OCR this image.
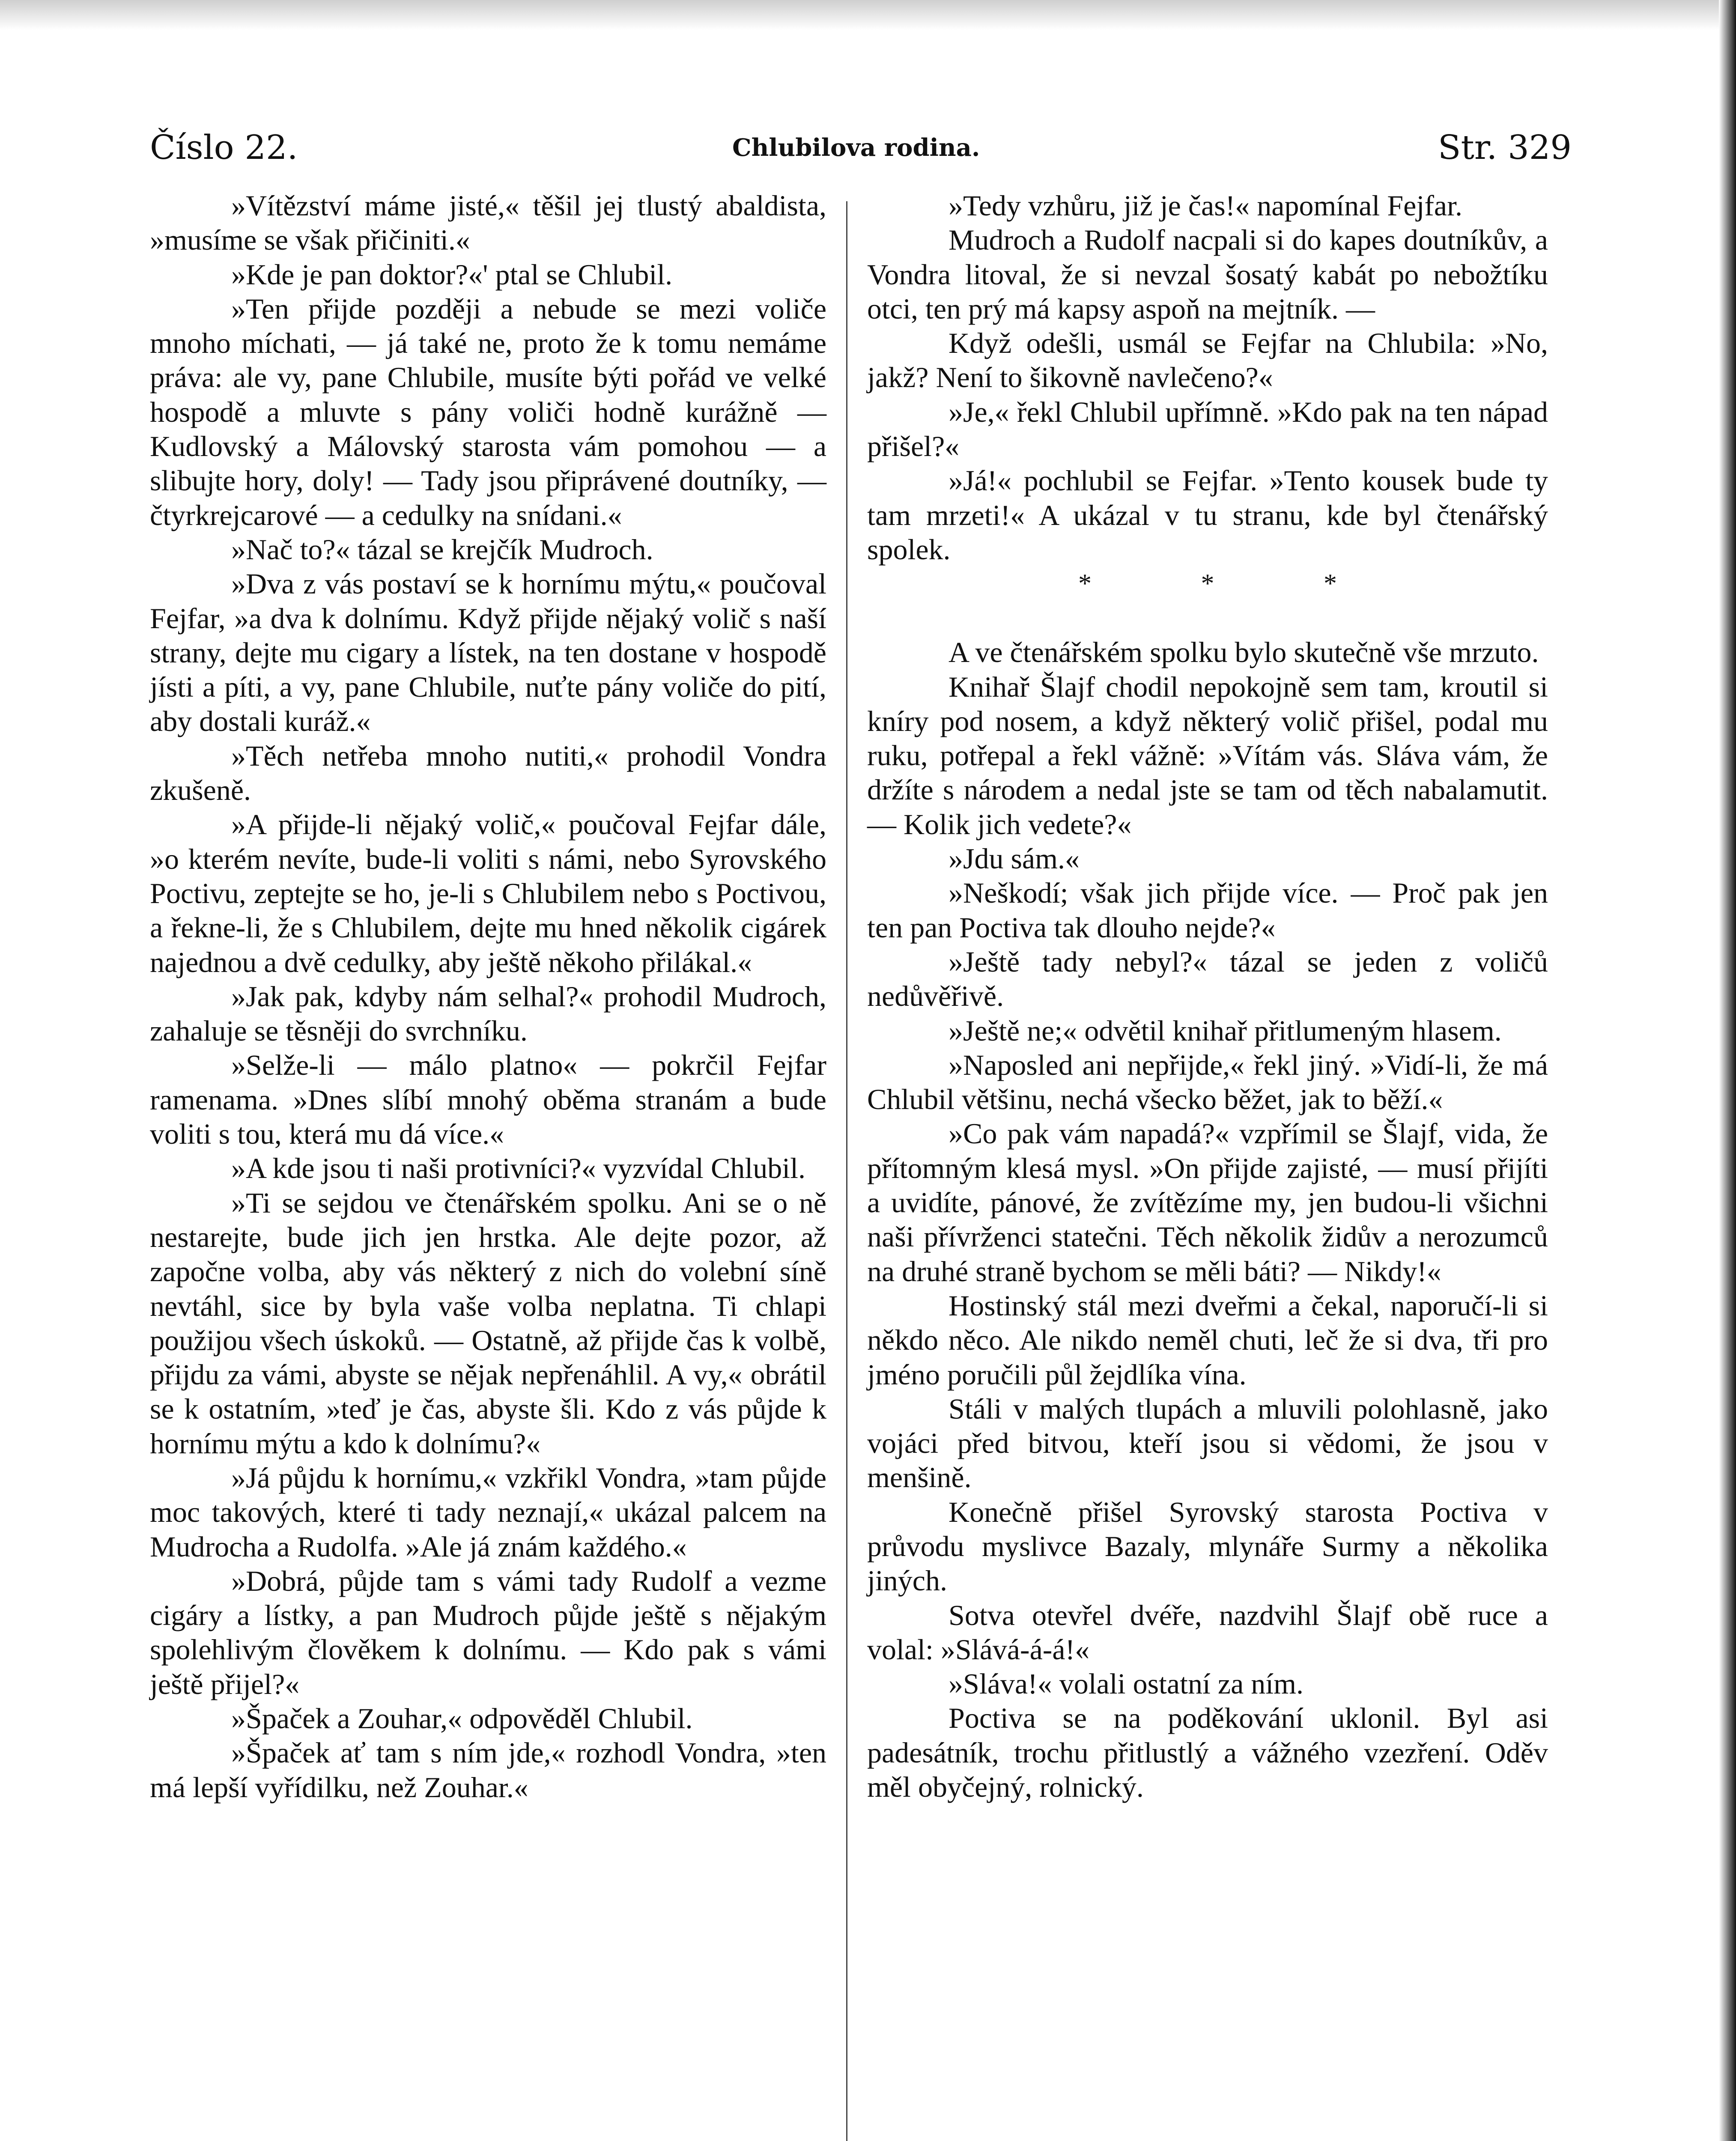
Číslo 22.	Chlubilova rodina.	Str. 329

»Vítězství máme jisté,« těšil jej tlustý abaldista, »musíme se však přičiniti.«

»Kde je pan doktor?«' ptal se Chlubil.

»Ten přijde později a nebude se mezi voliče mnoho míchati, — já také ne, proto že k tomu nemáme práva: ale vy, pane Chlubile, musíte býti pořád ve velké hospodě a mluvte s pány voliči hodně kurážně — Kudlovský a Málovský starosta vám pomohou — a slibujte hory, doly! — Tady jsou připrávené doutníky, — čtyrkrejcarové — a cedulky na snídani.«

»Nač to?« tázal se krejčík Mudroch.

»Dva z vás postaví se k hornímu mýtu,« poučoval Fejfar, »a dva k dolnímu. Když přijde nějaký volič s naší strany, dejte mu cigary a lístek, na ten dostane v hospodě jísti a píti, a vy, pane Chlubile, nuťte pány voliče do pití, aby dostali kuráž.«

»Těch netřeba mnoho nutiti,« prohodil Vondra zkušeně.

»A přijde-li nějaký volič,« poučoval Fejfar dále, »o kterém nevíte, bude-li voliti s námi, nebo Syrovského Poctivu, zeptejte se ho, je-li s Chlubilem nebo s Poctivou, a řekne-li, že s Chlubilem, dejte mu hned několik cigárek najednou a dvě cedulky, aby ještě někoho přilákal.«

»Jak pak, kdyby nám selhal?« prohodil Mudroch, zahaluje se těsněji do svrchníku.

»Selže-li — málo platno« — pokrčil Fejfar ramenama. »Dnes slíbí mnohý oběma stranám a bude voliti s tou, která mu dá více.«

»A kde jsou ti naši protivníci?« vyzvídal Chlubil.

»Ti se sejdou ve čtenářském spolku. Ani se o ně nestarejte, bude jich jen hrstka. Ale dejte pozor, až započne volba, aby vás některý z nich do volební síně nevtáhl, sice by byla vaše volba neplatna. Ti chlapi použijou všech úskoků. — Ostatně, až přijde čas k volbě, přijdu za vámi, abyste se nějak nepřenáhlil. A vy,« obrátil se k ostatním, »teď je čas, abyste šli. Kdo z vás půjde k hornímu mýtu a kdo k dolnímu?«

»Já půjdu k hornímu,« vzkřikl Vondra, »tam půjde moc takových, které ti tady neznají,« ukázal palcem na Mudrocha a Rudolfa. »Ale já znám každého.«

»Dobrá, půjde tam s vámi tady Rudolf a vezme cigáry a lístky, a pan Mudroch půjde ještě s nějakým spolehlivým člověkem k dolnímu. — Kdo pak s vámi ještě přijel?«

»Špaček a Zouhar,« odpověděl Chlubil.

»Špaček ať tam s ním jde,« rozhodl Vondra, »ten má lepší vyřídilku, než Zouhar.«

»Tedy vzhůru, již je čas!« napomínal Fejfar.

Mudroch a Rudolf nacpali si do kapes doutníkův, a Vondra litoval, že si nevzal šosatý kabát po nebožtíku otci, ten prý má kapsy aspoň na mejtník. —

Když odešli, usmál se Fejfar na Chlubila: »No, jakž? Není to šikovně navlečeno?«

»Je,« řekl Chlubil upřímně. »Kdo pak na ten nápad přišel?«

»Já!« pochlubil se Fejfar. »Tento kousek bude ty tam mrzeti!« A ukázal v tu stranu, kde byl čtenářský spolek.

* * *

A ve čtenářském spolku bylo skutečně vše mrzuto.

Knihař Šlajf chodil nepokojně sem tam, kroutil si kníry pod nosem, a když některý volič přišel, podal mu ruku, potřepal a řekl vážně: »Vítám vás. Sláva vám, že držíte s národem a nedal jste se tam od těch nabalamutit. — Kolik jich vedete?«

»Jdu sám.«

»Neškodí; však jich přijde více. — Proč pak jen ten pan Poctiva tak dlouho nejde?«

»Ještě tady nebyl?« tázal se jeden z voličů nedůvěřivě.

»Ještě ne;« odvětil knihař přitlumeným hlasem.

»Naposled ani nepřijde,« řekl jiný. »Vidí-li, že má Chlubil většinu, nechá všecko běžet, jak to běží.«

»Co pak vám napadá?« vzpřímil se Šlajf, vida, že přítomným klesá mysl. »On přijde zajisté, — musí přijíti a uvidíte, pánové, že zvítězíme my, jen budou-li všichni naši přívrženci statečni. Těch několik židův a nerozumců na druhé straně bychom se měli báti? — Nikdy!«

Hostinský stál mezi dveřmi a čekal, naporučí-li si někdo něco. Ale nikdo neměl chuti, leč že si dva, tři pro jméno poručili půl žejdlíka vína.

Stáli v malých tlupách a mluvili polohlasně, jako vojáci před bitvou, kteří jsou si vědomi, že jsou v menšině.

Konečně přišel Syrovský starosta Poctiva v průvodu myslivce Bazaly, mlynáře Surmy a několika jiných.

Sotva otevřel dvéře, nazdvihl Šlajf obě ruce a volal: »Slává-á-á!«

»Sláva!« volali ostatní za ním.

Poctiva se na poděkování uklonil. Byl asi padesátník, trochu přitlustlý a vážného vzezření. Oděv měl obyčejný, rolnický.
